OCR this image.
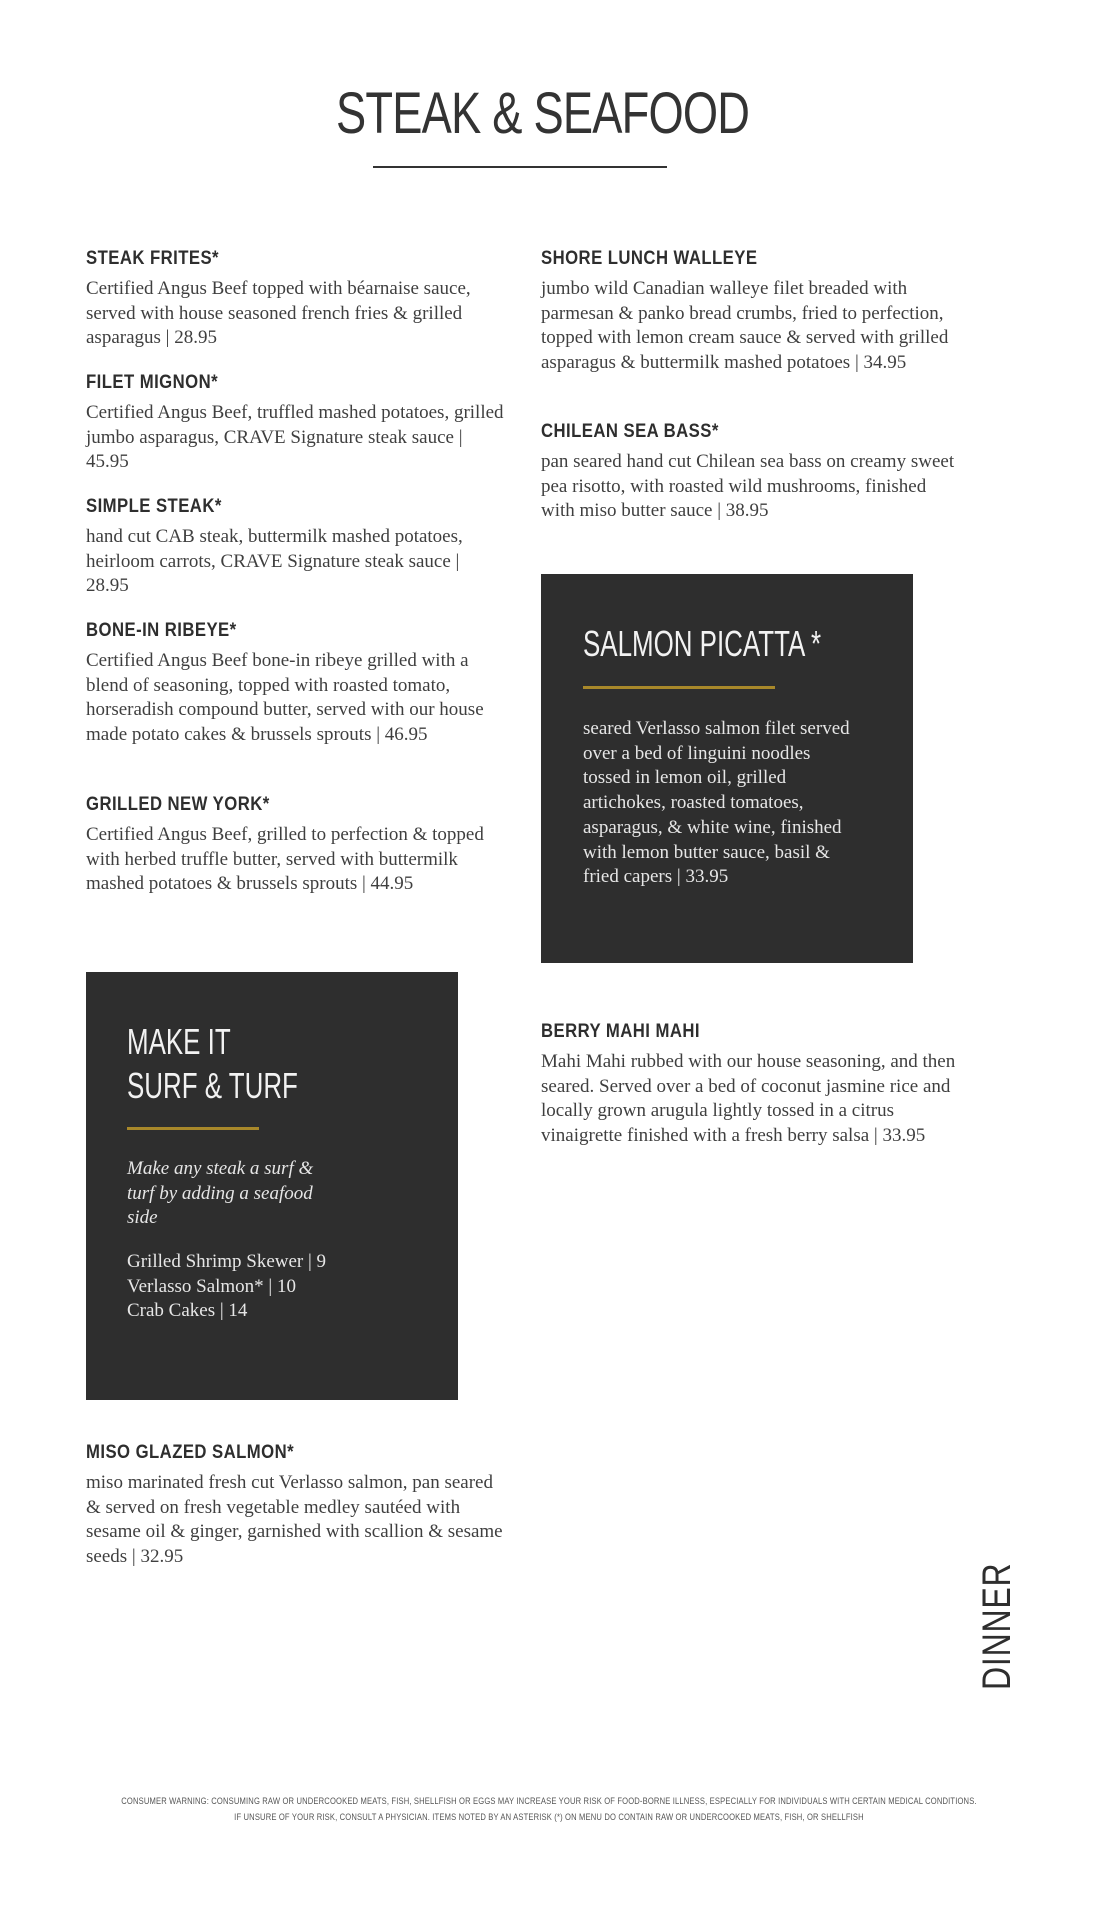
STEAK & SEAFOOD
STEAK FRITES*
Certified Angus Beef topped with béarnaise sauce, served with house seasoned french fries & grilled asparagus | 28.95
FILET MIGNON*
Certified Angus Beef, truffled mashed potatoes, grilled jumbo asparagus, CRAVE Signature steak sauce | 45.95
SIMPLE STEAK*
hand cut CAB steak, buttermilk mashed potatoes, heirloom carrots, CRAVE Signature steak sauce | 28.95
BONE-IN RIBEYE*
Certified Angus Beef bone-in ribeye grilled with a blend of seasoning, topped with roasted tomato, horseradish compound butter, served with our house made potato cakes & brussels sprouts | 46.95
GRILLED NEW YORK*
Certified Angus Beef, grilled to perfection & topped with herbed truffle butter, served with buttermilk mashed potatoes & brussels sprouts | 44.95
SHORE LUNCH WALLEYE
jumbo wild Canadian walleye filet breaded with parmesan & panko bread crumbs, fried to perfection, topped with lemon cream sauce & served with grilled asparagus & buttermilk mashed potatoes | 34.95
CHILEAN SEA BASS*
pan seared hand cut Chilean sea bass on creamy sweet pea risotto, with roasted wild mushrooms, finished with miso butter sauce | 38.95
SALMON PICATTA *
seared Verlasso salmon filet served over a bed of linguini noodles tossed in lemon oil, grilled artichokes, roasted tomatoes, asparagus, & white wine, finished with lemon butter sauce, basil & fried capers | 33.95
MAKE IT
SURF & TURF
Make any steak a surf & turf by adding a seafood side
Grilled Shrimp Skewer | 9
Verlasso Salmon* | 10
Crab Cakes | 14
BERRY MAHI MAHI
Mahi Mahi rubbed with our house seasoning, and then seared. Served over a bed of coconut jasmine rice and locally grown arugula lightly tossed in a citrus vinaigrette finished with a fresh berry salsa | 33.95
MISO GLAZED SALMON*
miso marinated fresh cut Verlasso salmon, pan seared & served on fresh vegetable medley sautéed with sesame oil & ginger, garnished with scallion & sesame seeds | 32.95
DINNER
CONSUMER WARNING: CONSUMING RAW OR UNDERCOOKED MEATS, FISH, SHELLFISH OR EGGS MAY INCREASE YOUR RISK OF FOOD-BORNE ILLNESS, ESPECIALLY FOR INDIVIDUALS WITH CERTAIN MEDICAL CONDITIONS.
IF UNSURE OF YOUR RISK, CONSULT A PHYSICIAN. ITEMS NOTED BY AN ASTERISK (*) ON MENU DO CONTAIN RAW OR UNDERCOOKED MEATS, FISH, OR SHELLFISH
